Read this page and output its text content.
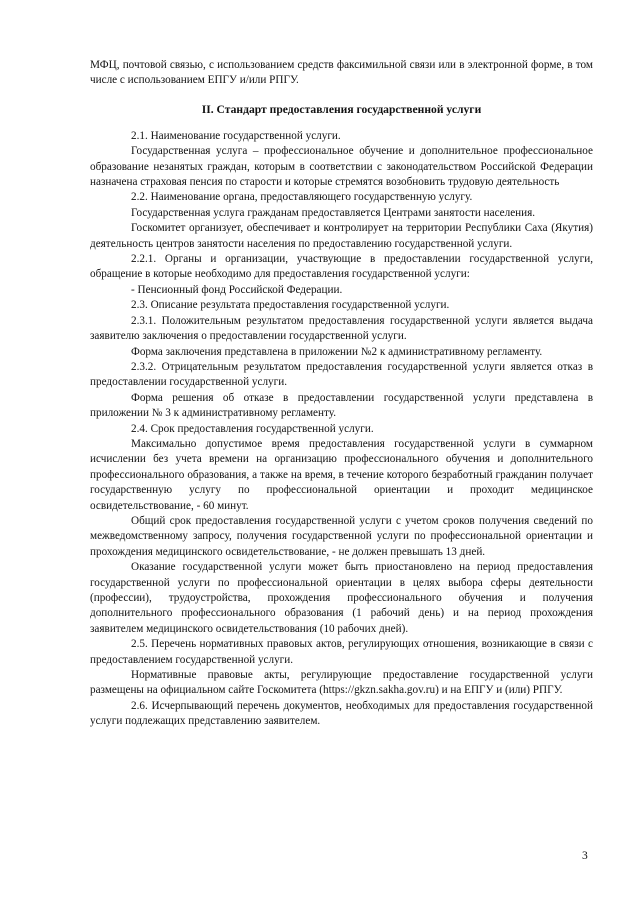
МФЦ, почтовой связью, с использованием средств факсимильной связи или в электронной форме, в том числе с использованием ЕПГУ и/или РПГУ.

II. Стандарт предоставления государственной услуги

2.1. Наименование государственной услуги.

Государственная услуга – профессиональное обучение и дополнительное профессиональное образование незанятых граждан, которым в соответствии с законодательством Российской Федерации назначена страховая пенсия по старости и которые стремятся возобновить трудовую деятельность

2.2. Наименование органа, предоставляющего государственную услугу.

Государственная услуга гражданам предоставляется Центрами занятости населения.

Госкомитет организует, обеспечивает и контролирует на территории Республики Саха (Якутия) деятельность центров занятости населения по предоставлению государственной услуги.

2.2.1. Органы и организации, участвующие в предоставлении государственной услуги, обращение в которые необходимо для предоставления государственной услуги:

- Пенсионный фонд Российской Федерации.

2.3. Описание результата предоставления государственной услуги.

2.3.1. Положительным результатом предоставления государственной услуги является выдача заявителю заключения о предоставлении государственной услуги.

Форма заключения представлена в приложении №2 к административному регламенту.

2.3.2. Отрицательным результатом предоставления государственной услуги является отказ в предоставлении государственной услуги.

Форма решения об отказе в предоставлении государственной услуги представлена в приложении № 3 к административному регламенту.

2.4. Срок предоставления государственной услуги.

Максимально допустимое время предоставления государственной услуги в суммарном исчислении без учета времени на организацию профессионального обучения и дополнительного профессионального образования, а также на время, в течение которого безработный гражданин получает государственную услугу по профессиональной ориентации и проходит медицинское освидетельствование, - 60 минут.

Общий срок предоставления государственной услуги с учетом сроков получения сведений по межведомственному запросу, получения государственной услуги по профессиональной ориентации и прохождения медицинского освидетельствование, - не должен превышать 13 дней.

Оказание государственной услуги может быть приостановлено на период предоставления государственной услуги по профессиональной ориентации в целях выбора сферы деятельности (профессии), трудоустройства, прохождения профессионального обучения и получения дополнительного профессионального образования (1 рабочий день) и на период прохождения заявителем медицинского освидетельствования (10 рабочих дней).

2.5. Перечень нормативных правовых актов, регулирующих отношения, возникающие в связи с предоставлением государственной услуги.

Нормативные правовые акты, регулирующие предоставление государственной услуги размещены на официальном сайте Госкомитета (https://gkzn.sakha.gov.ru) и на ЕПГУ и (или) РПГУ.

2.6. Исчерпывающий перечень документов, необходимых для предоставления государственной услуги подлежащих представлению заявителем.

3
